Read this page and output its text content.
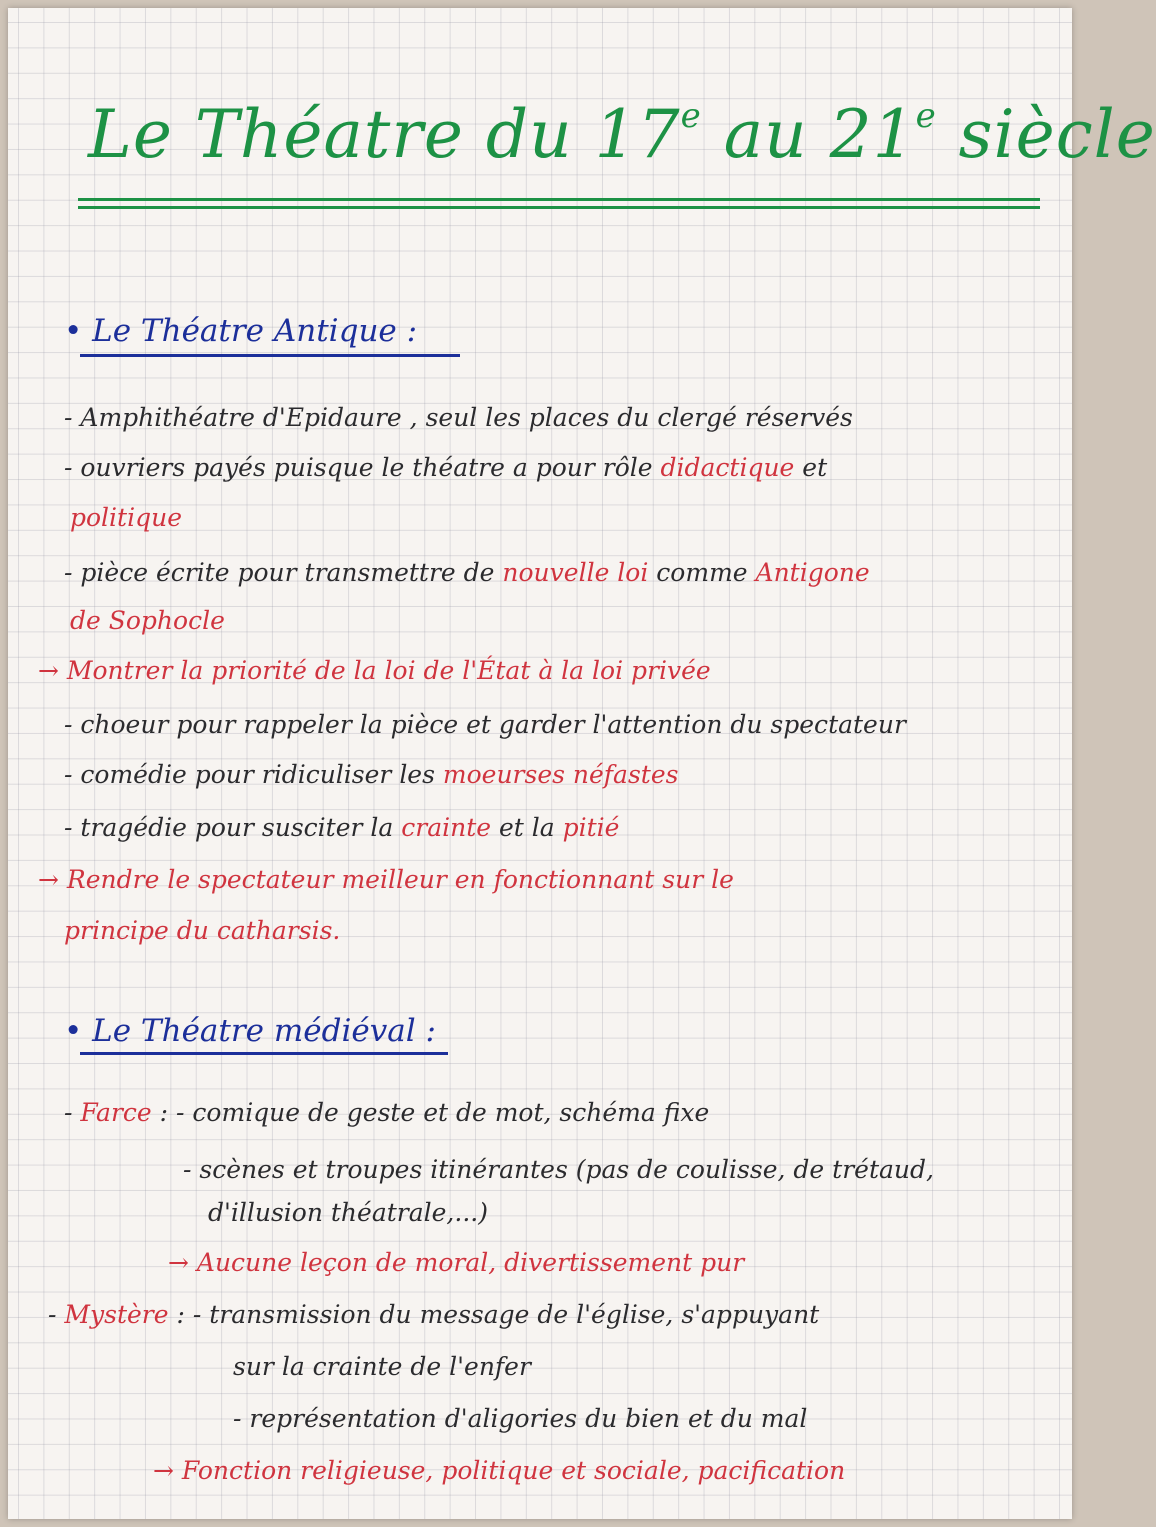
Le Théatre du 17e au 21e siècle
• Le Théatre Antique :

- Amphithéatre d'Epidaure , seul les places du clergé réservés

- ouvriers payés puisque le théatre a pour rôle didactique et

politique

- pièce écrite pour transmettre de nouvelle loi comme Antigone

de Sophocle

→ Montrer la priorité de la loi de l'État à la loi privée

- choeur pour rappeler la pièce et garder l'attention du spectateur

- comédie pour ridiculiser les moeurses néfastes

- tragédie pour susciter la crainte et la pitié

→ Rendre le spectateur meilleur en fonctionnant sur le

principe du catharsis.

• Le Théatre médiéval :

- Farce : - comique de geste et de mot, schéma fixe

- scènes et troupes itinérantes (pas de coulisse, de trétaud,

d'illusion théatrale,...)

→ Aucune leçon de moral, divertissement pur

- Mystère : - transmission du message de l'église, s'appuyant

sur la crainte de l'enfer

- représentation d'aligories du bien et du mal

→ Fonction religieuse, politique et sociale, pacification
